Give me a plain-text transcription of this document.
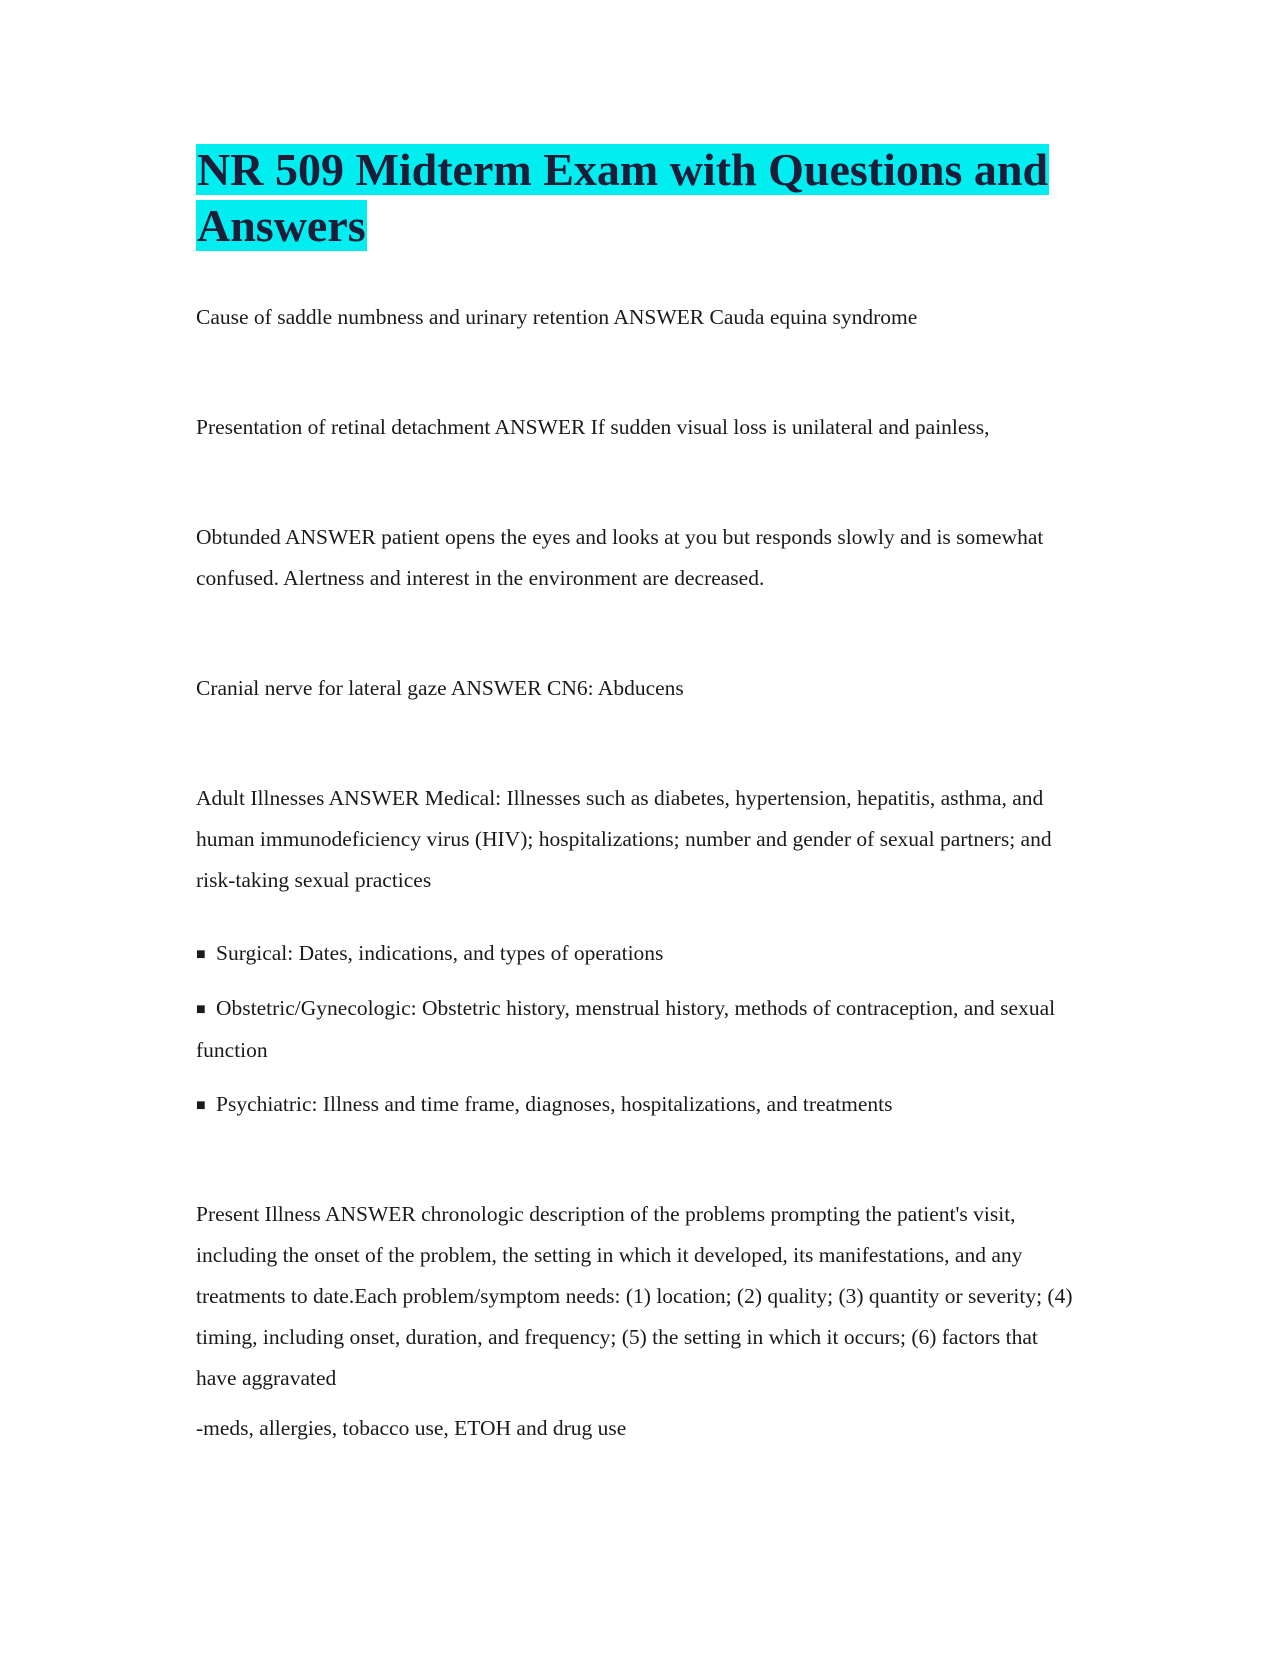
NR 509 Midterm Exam with Questions and Answers

Cause of saddle numbness and urinary retention ANSWER Cauda equina syndrome

Presentation of retinal detachment ANSWER If sudden visual loss is unilateral and painless,

Obtunded ANSWER patient opens the eyes and looks at you but responds slowly and is somewhat confused. Alertness and interest in the environment are decreased.

Cranial nerve for lateral gaze ANSWER CN6: Abducens

Adult Illnesses ANSWER Medical: Illnesses such as diabetes, hypertension, hepatitis, asthma, and human immunodeficiency virus (HIV); hospitalizations; number and gender of sexual partners; and risk-taking sexual practices

■ Surgical: Dates, indications, and types of operations

■ Obstetric/Gynecologic: Obstetric history, menstrual history, methods of contraception, and sexual function

■ Psychiatric: Illness and time frame, diagnoses, hospitalizations, and treatments

Present Illness ANSWER chronologic description of the problems prompting the patient's visit, including the onset of the problem, the setting in which it developed, its manifestations, and any treatments to date.Each problem/symptom needs: (1) location; (2) quality; (3) quantity or severity; (4) timing, including onset, duration, and frequency; (5) the setting in which it occurs; (6) factors that have aggravated

-meds, allergies, tobacco use, ETOH and drug use
